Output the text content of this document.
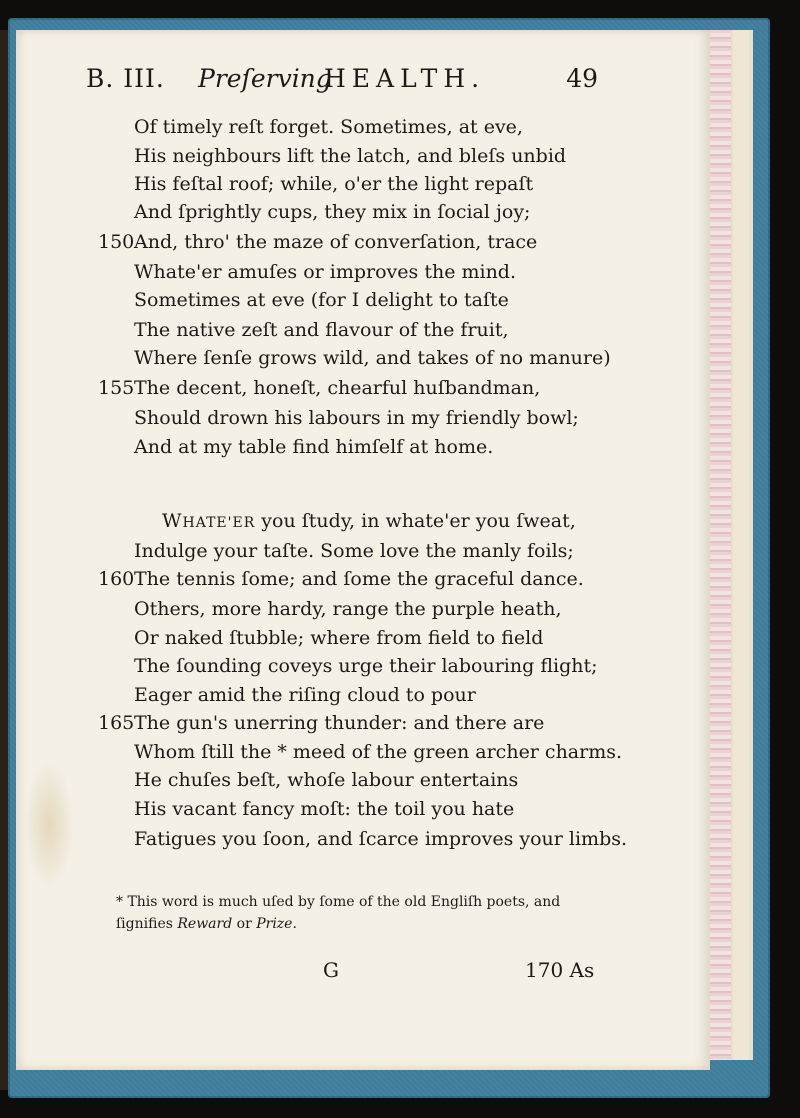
B. III. Preſerving
HEALTH.	49
Of timely reſt forget. Sometimes, at eve,
His neighbours lift the latch, and bleſs unbid
His feſtal roof; while, o'er the light repaſt
And ſprightly cups, they mix in ſocial joy;
And, thro' the maze of converſation, trace
150
Whate'er amuſes or improves the mind.
Sometimes at eve (for I delight to taſte
The native zeſt and flavour of the fruit,
Where ſenſe grows wild, and takes of no manure)
The decent, honeſt, chearful huſbandman,
155
Should drown his labours in my friendly bowl;
And at my table find himſelf at home.
WHATE'ER you ſtudy, in whate'er you ſweat,
Indulge your taſte. Some love the manly foils;
The tennis ſome; and ſome the graceful dance.
160
Others, more hardy, range the purple heath,
Or naked ſtubble; where from field to field
The ſounding coveys urge their labouring flight;
Eager amid the riſing cloud to pour
The gun's unerring thunder: and there are
165
Whom ſtill the * meed of the green archer charms.
He chuſes beſt, whoſe labour entertains
His vacant fancy moſt: the toil you hate
Fatigues you ſoon, and ſcarce improves your limbs.
* This word is much uſed by ſome of the old Engliſh poets, and
ſignifies Reward or Prize.
G	170 As
